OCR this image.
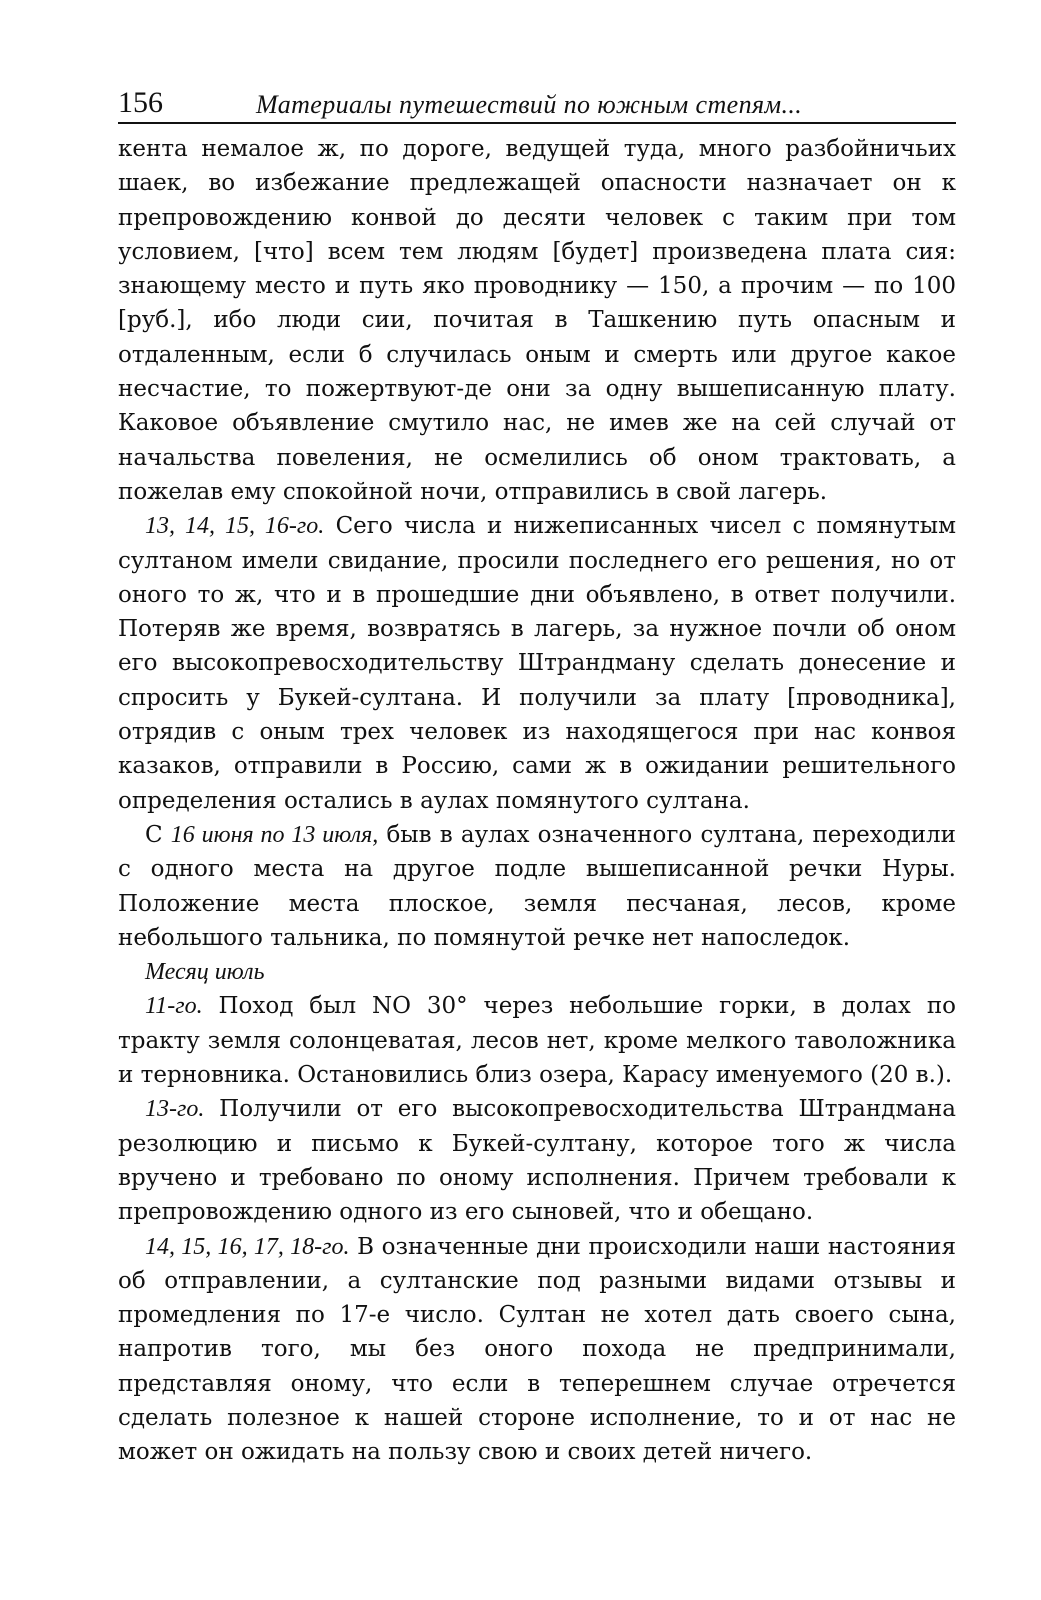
156	Материалы путешествий по южным степям...

кента немалое ж, по дороге, ведущей туда, много разбойничьих шаек, во избежание предлежащей опасности назначает он к препровождению конвой до десяти человек с таким при том условием, [что] всем тем людям [будет] произведена плата сия: знающему место и путь яко проводнику — 150, а прочим — по 100 [руб.], ибо люди сии, почитая в Ташкению путь опасным и отдаленным, если б случилась оным и смерть или другое какое несчастие, то пожертвуют-де они за одну вышеписанную плату. Каковое объявление смутило нас, не имев же на сей случай от начальства повеления, не осмелились об оном трактовать, а пожелав ему спокойной ночи, отправились в свой лагерь.

13, 14, 15, 16-го. Сего числа и нижеписанных чисел с помянутым султаном имели свидание, просили последнего его решения, но от оного то ж, что и в прошедшие дни объявлено, в ответ получили. Потеряв же время, возвратясь в лагерь, за нужное почли об оном его высокопревосходительству Штрандману сделать донесение и спросить у Букей-султана. И получили за плату [проводника], отрядив с оным трех человек из находящегося при нас конвоя казаков, отправили в Россию, сами ж в ожидании решительного определения остались в аулах помянутого султана.

С 16 июня по 13 июля, быв в аулах означенного султана, переходили с одного места на другое подле вышеписанной речки Нуры. Положение места плоское, земля песчаная, лесов, кроме небольшого тальника, по помянутой речке нет напоследок.

Месяц июль

11-го. Поход был NO 30° через небольшие горки, в долах по тракту земля солонцеватая, лесов нет, кроме мелкого таволожника и терновника. Остановились близ озера, Карасу именуемого (20 в.).

13-го. Получили от его высокопревосходительства Штрандмана резолюцию и письмо к Букей-султану, которое того ж числа вручено и требовано по оному исполнения. Причем требовали к препровождению одного из его сыновей, что и обещано.

14, 15, 16, 17, 18-го. В означенные дни происходили наши настояния об отправлении, а султанские под разными видами отзывы и промедления по 17-е число. Султан не хотел дать своего сына, напротив того, мы без оного похода не предпринимали, представляя оному, что если в теперешнем случае отречется сделать полезное к нашей стороне исполнение, то и от нас не может он ожидать на пользу свою и своих детей ничего.
